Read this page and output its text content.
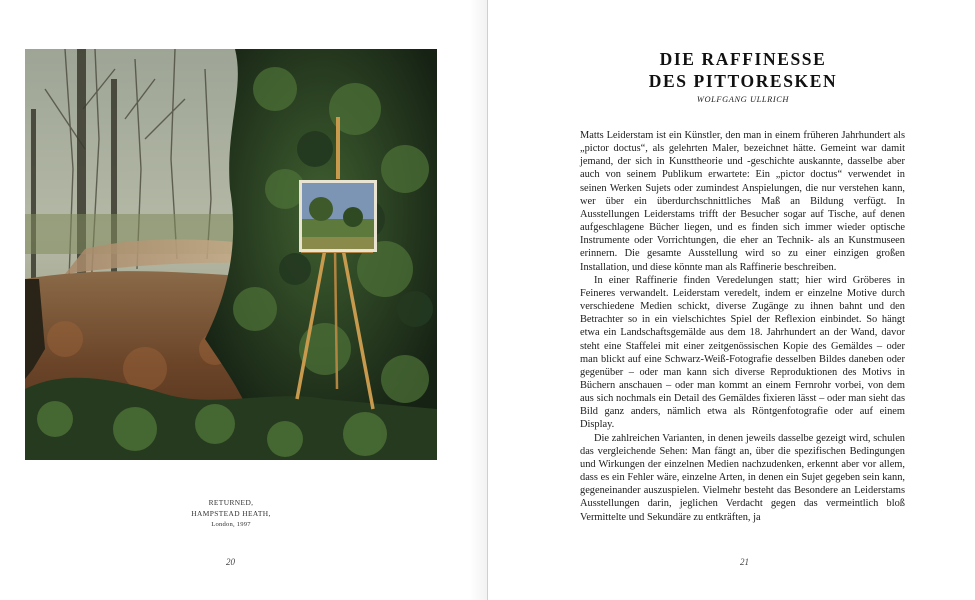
RETURNED,
HAMPSTEAD HEATH,
London, 1997
20
DIE RAFFINESSE
DES PITTORESKEN
WOLFGANG ULLRICH

Matts Leiderstam ist ein Künstler, den man in einem früheren Jahrhundert als „pictor doctus“, als gelehrten Maler, bezeichnet hätte. Gemeint war damit jemand, der sich in Kunsttheorie und -geschichte auskannte, dasselbe aber auch von seinem Publikum erwartete: Ein „pictor doctus“ verwendet in seinen Werken Sujets oder zumindest Anspielungen, die nur verstehen kann, wer über ein überdurchschnittliches Maß an Bildung verfügt. In Ausstellungen Leiderstams trifft der Besucher sogar auf Tische, auf denen aufgeschlagene Bücher liegen, und es finden sich immer wieder optische Instrumente oder Vorrichtungen, die eher an Technik- als an Kunstmuseen erinnern. Die gesamte Ausstellung wird so zu einer einzigen großen Installation, und diese könnte man als Raffinerie beschreiben.

In einer Raffinerie finden Veredelungen statt; hier wird Gröberes in Feineres verwandelt. Leiderstam veredelt, indem er einzelne Motive durch verschiedene Medien schickt, diverse Zugänge zu ihnen bahnt und den Betrachter so in ein vielschichtes Spiel der Reflexion einbindet. So hängt etwa ein Landschaftsgemälde aus dem 18. Jahrhundert an der Wand, davor steht eine Staffelei mit einer zeitgenössischen Kopie des Gemäldes – oder man blickt auf eine Schwarz-Weiß-Fotografie desselben Bildes daneben oder gegenüber – oder man kann sich diverse Reproduktionen des Motivs in Büchern anschauen – oder man kommt an einem Fernrohr vorbei, von dem aus sich nochmals ein Detail des Gemäldes fixieren lässt – oder man sieht das Bild ganz anders, nämlich etwa als Röntgenfotografie oder auf einem Display.

Die zahlreichen Varianten, in denen jeweils dasselbe gezeigt wird, schulen das vergleichende Sehen: Man fängt an, über die spezifischen Bedingungen und Wirkungen der einzelnen Medien nachzudenken, erkennt aber vor allem, dass es ein Fehler wäre, einzelne Arten, in denen ein Sujet gegeben sein kann, gegeneinander auszuspielen. Vielmehr besteht das Besondere an Leiderstams Ausstellungen darin, jeglichen Verdacht gegen das vermeintlich bloß Vermittelte und Sekundäre zu entkräften, ja

21
